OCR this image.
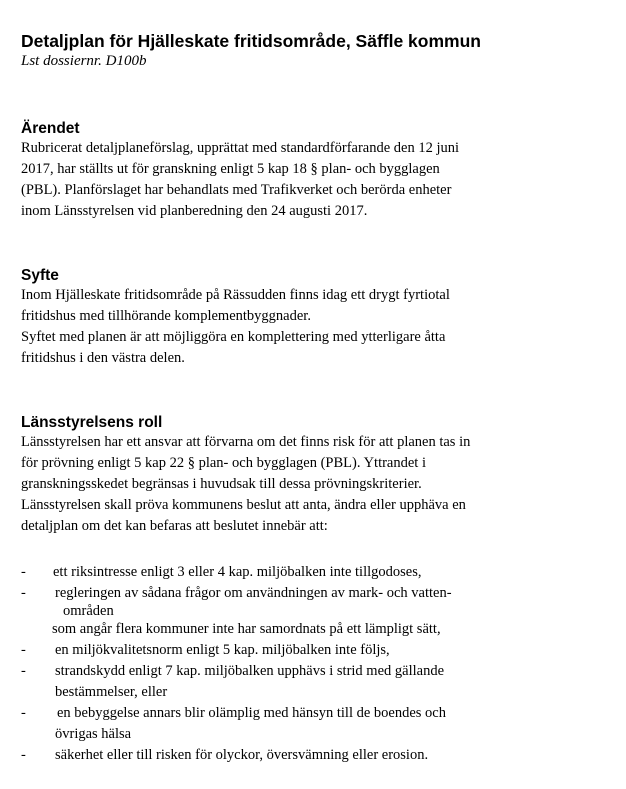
Detaljplan för Hjälleskate fritidsområde, Säffle kommun
Lst dossiernr. D100b
Ärendet

Rubricerat detaljplaneförslag, upprättat med standardförfarande den 12 juni
2017, har ställts ut för granskning enligt 5 kap 18 § plan- och bygglagen
(PBL). Planförslaget har behandlats med Trafikverket och berörda enheter
inom Länsstyrelsen vid planberedning den 24 augusti 2017.

Syfte

Inom Hjälleskate fritidsområde på Rässudden finns idag ett drygt fyrtiotal
fritidshus med tillhörande komplementbyggnader.
Syftet med planen är att möjliggöra en komplettering med ytterligare åtta
fritidshus i den västra delen.

Länsstyrelsens roll

Länsstyrelsen har ett ansvar att förvarna om det finns risk för att planen tas in
för prövning enligt 5 kap 22 § plan- och bygglagen (PBL). Yttrandet i
granskningsskedet begränsas i huvudsak till dessa prövningskriterier.
Länsstyrelsen skall pröva kommunens beslut att anta, ändra eller upphäva en
detaljplan om det kan befaras att beslutet innebär att:

- ett riksintresse enligt 3 eller 4 kap. miljöbalken inte tillgodoses,
- regleringen av sådana frågor om användningen av mark- och vatten-
områden
som angår flera kommuner inte har samordnats på ett lämpligt sätt,
- en miljökvalitetsnorm enligt 5 kap. miljöbalken inte följs,
- strandskydd enligt 7 kap. miljöbalken upphävs i strid med gällande
bestämmelser, eller
- en bebyggelse annars blir olämplig med hänsyn till de boendes och
övrigas hälsa
- säkerhet eller till risken för olyckor, översvämning eller erosion.
